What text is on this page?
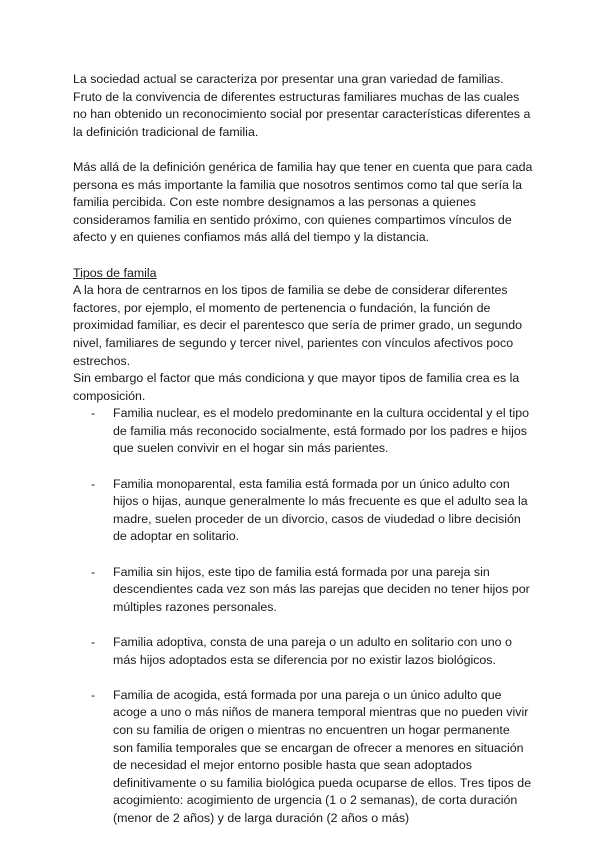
La sociedad actual se caracteriza por presentar una gran variedad de familias. Fruto de la convivencia de diferentes estructuras familiares muchas de las cuales no han obtenido un reconocimiento social por presentar características diferentes a la definición tradicional de familia.

Más allá de la definición genérica de familia hay que tener en cuenta que para cada persona es más importante la familia que nosotros sentimos como tal que sería la familia percibida. Con este nombre designamos a las personas a quienes consideramos familia en sentido próximo, con quienes compartimos vínculos de afecto y en quienes confiamos más allá del tiempo y la distancia.

Tipos de famila

A la hora de centrarnos en los tipos de familia se debe de considerar diferentes factores, por ejemplo, el momento de pertenencia o fundación, la función de proximidad familiar, es decir el parentesco que sería de primer grado, un segundo nivel, familiares de segundo y tercer nivel, parientes con vínculos afectivos poco estrechos.

Sin embargo el factor que más condiciona y que mayor tipos de familia crea es la composición.

- Familia nuclear, es el modelo predominante en la cultura occidental y el tipo de familia más reconocido socialmente, está formado por los padres e hijos que suelen convivir en el hogar sin más parientes.
- Familia monoparental, esta familia está formada por un único adulto con hijos o hijas, aunque generalmente lo más frecuente es que el adulto sea la madre, suelen proceder de un divorcio, casos de viudedad o libre decisión de adoptar en solitario.
- Familia sin hijos, este tipo de familia está formada por una pareja sin descendientes cada vez son más las parejas que deciden no tener hijos por múltiples razones personales.
- Familia adoptiva, consta de una pareja o un adulto en solitario con uno o más hijos adoptados esta se diferencia por no existir lazos biológicos.
- Familia de acogida, está formada por una pareja o un único adulto que acoge a uno o más niños de manera temporal mientras que no pueden vivir con su familia de origen o mientras no encuentren un hogar permanente son familia temporales que se encargan de ofrecer a menores en situación de necesidad el mejor entorno posible hasta que sean adoptados definitivamente o su familia biológica pueda ocuparse de ellos. Tres tipos de acogimiento: acogimiento de urgencia (1 o 2 semanas), de corta duración (menor de 2 años) y de larga duración (2 años o más)
